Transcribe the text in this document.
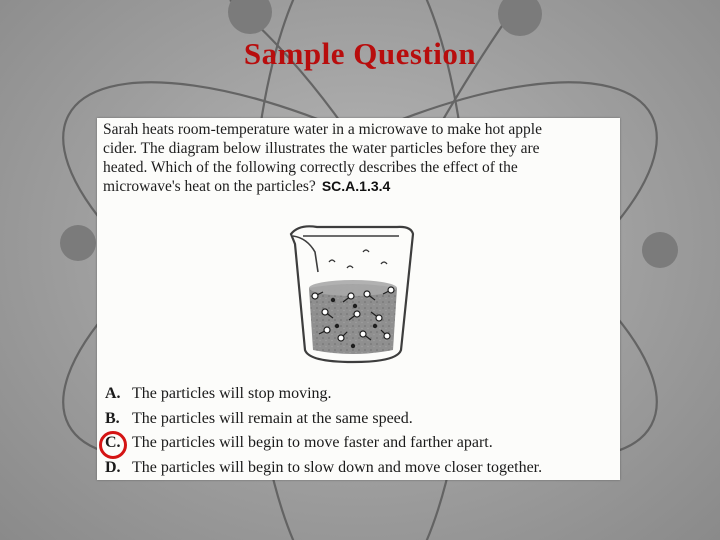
Sample Question
Sarah heats room-temperature water in a microwave to make hot apple
cider. The diagram below illustrates the water particles before they are
heated. Which of the following correctly describes the effect of the
microwave's heat on the particles? SC.A.1.3.4
A. The particles will stop moving.
B. The particles will remain at the same speed.
C. The particles will begin to move faster and farther apart.
D. The particles will begin to slow down and move closer together.
